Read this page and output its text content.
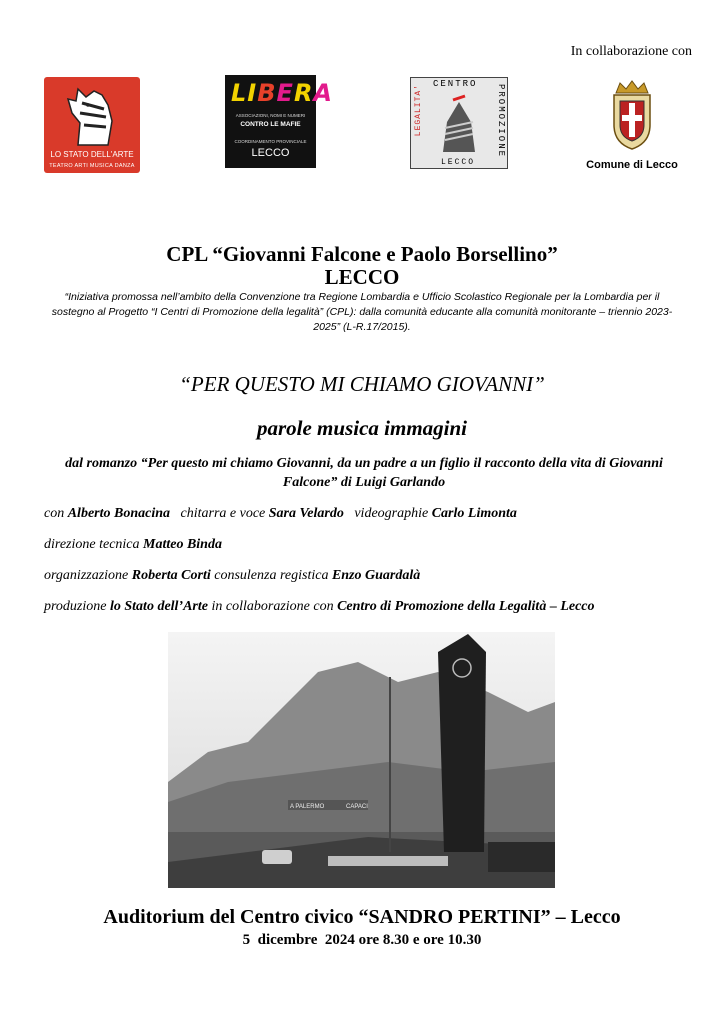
In collaborazione con
LO STATO DELL'ARTE
TEATRO ARTI MUSICA DANZA
LIBERA
ASSOCIAZIONI, NOMI E NUMERI
CONTRO LE MAFIE
COORDINAMENTO PROVINCIALE
LECCO
CENTRO PROMOZIONE
LEGALITA'
LECCO	Comune di Lecco
CPL “Giovanni Falcone e Paolo Borsellino”
LECCO
“Iniziativa promossa nell’ambito della Convenzione tra Regione Lombardia e Ufficio Scolastico Regionale per la Lombardia per il sostegno al Progetto “I Centri di Promozione della legalità” (CPL): dalla comunità educante alla comunità monitorante – triennio 2023-2025” (L-R.17/2015).
“PER QUESTO MI CHIAMO GIOVANNI”
parole musica immagini
dal romanzo “Per questo mi chiamo Giovanni, da un padre a un figlio il racconto della vita di Giovanni Falcone” di Luigi Garlando
con Alberto Bonacina chitarra e voce Sara Velardo videographie Carlo Limonta
direzione tecnica Matteo Binda
organizzazione Roberta Corti consulenza registica Enzo Guardalà
produzione lo Stato dell’Arte in collaborazione con Centro di Promozione della Legalità – Lecco
A PALERMO	CAPACI
Auditorium del Centro civico “SANDRO PERTINI” – Lecco
5  dicembre  2024 ore 8.30 e ore 10.30
